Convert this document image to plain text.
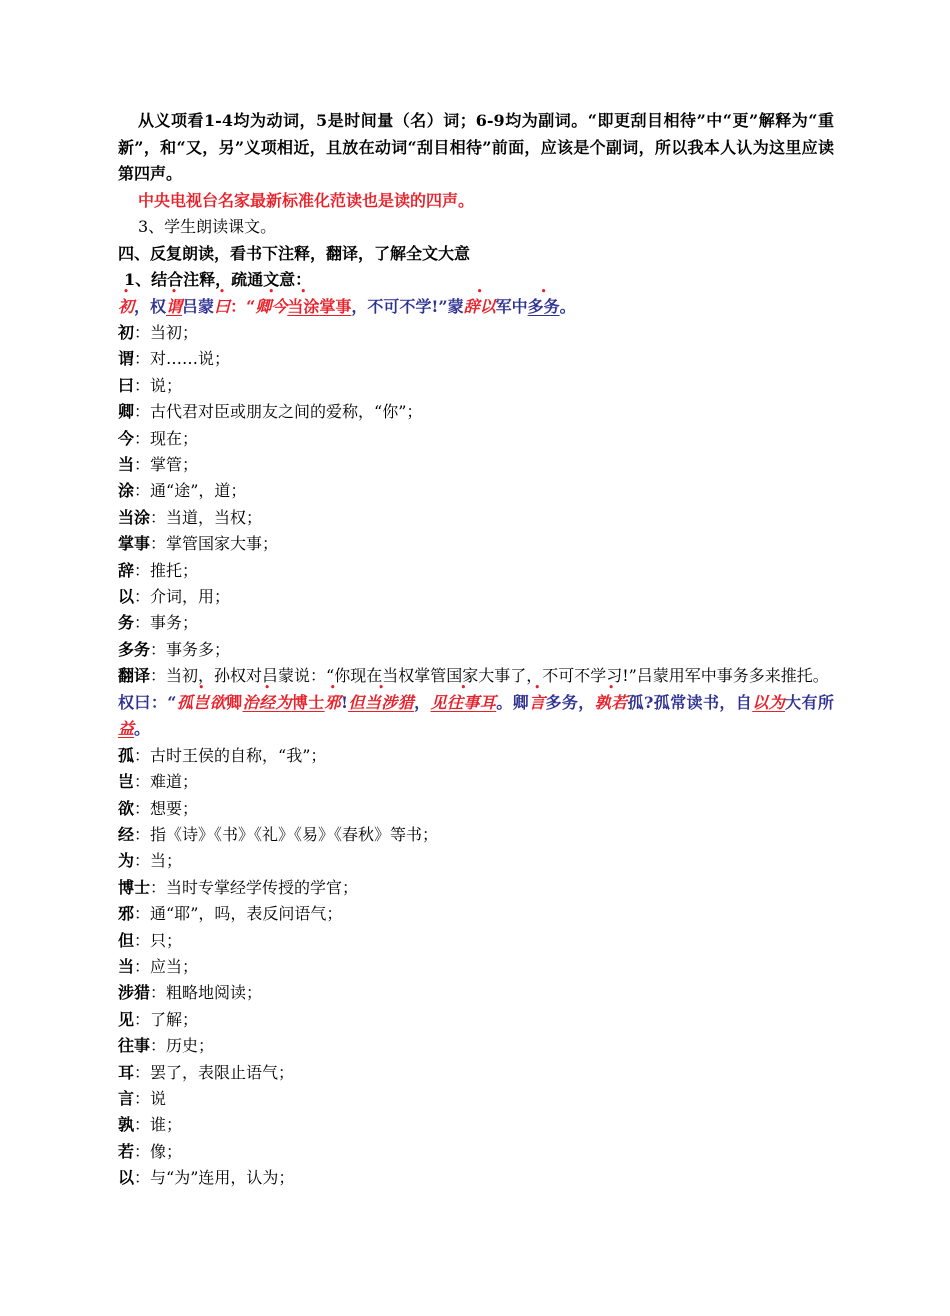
从义项看1-4均为动词，5是时间量（名）词；6-9均为副词。“即更刮目相待”中“更”解释为“重新”，和“又，另”义项相近，且放在动词“刮目相待”前面，应该是个副词，所以我本人认为这里应读第四声。
中央电视台名家最新标准化范读也是读的四声。
3、学生朗读课文。
四、反复朗读，看书下注释，翻译，了解全文大意
1、结合注释，疏通文意：
初，权谓吕蒙曰：“卿今当涂掌事，不可不学!”蒙辞以军中多务。
初：当初；
谓：对……说；
曰：说；
卿：古代君对臣或朋友之间的爱称，“你”；
今：现在；
当：掌管；
涂：通“途”，道；
当涂：当道，当权；
掌事：掌管国家大事；
辞：推托；
以：介词，用；
务：事务；
多务：事务多；
翻译：当初，孙权对吕蒙说：“你现在当权掌管国家大事了，不可不学习!”吕蒙用军中事务多来推托。
权曰：“孤岂欲卿治经为博士邪!但当涉猎，见往事耳。卿言多务，孰若孤?孤常读书，自以为大有所益。
孤：古时王侯的自称，“我”；
岂：难道；
欲：想要；
经：指《诗》《书》《礼》《易》《春秋》等书；
为：当；
博士：当时专掌经学传授的学官；
邪：通“耶”，吗，表反问语气；
但：只；
当：应当；
涉猎：粗略地阅读；
见：了解；
往事：历史；
耳：罢了，表限止语气；
言：说
孰：谁；
若：像；
以：与“为”连用，认为；
